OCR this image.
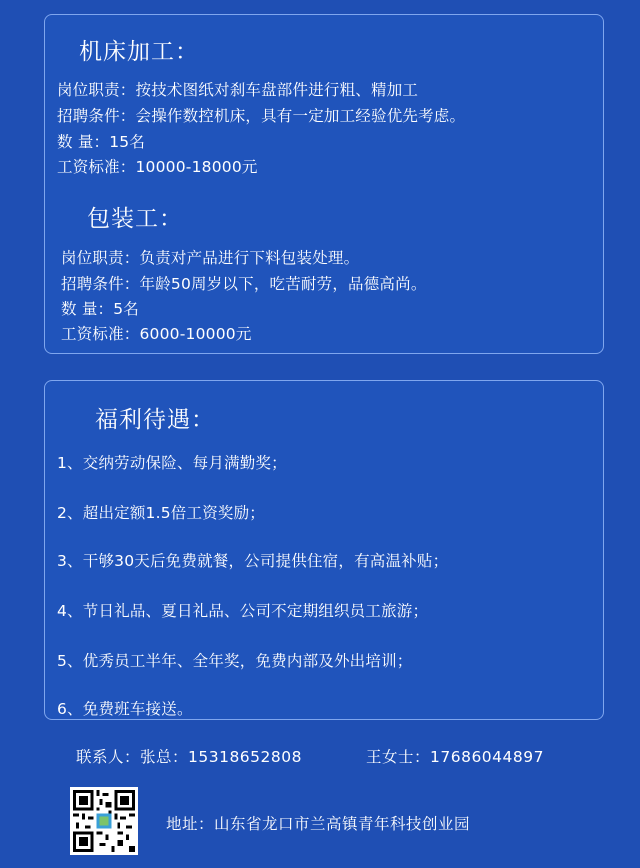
机床加工：
岗位职责：按技术图纸对刹车盘部件进行粗、精加工
招聘条件：会操作数控机床，具有一定加工经验优先考虑。
数 量：15名
工资标准：10000-18000元
包装工：
岗位职责：负责对产品进行下料包装处理。
招聘条件：年龄50周岁以下，吃苦耐劳，品德高尚。
数 量：5名
工资标准：6000-10000元
福利待遇：
1、交纳劳动保险、每月满勤奖；
2、超出定额1.5倍工资奖励；
3、干够30天后免费就餐，公司提供住宿，有高温补贴；
4、节日礼品、夏日礼品、公司不定期组织员工旅游；
5、优秀员工半年、全年奖，免费内部及外出培训；
6、免费班车接送。
联系人：张总：15318652808	王女士：17686044897
地址：山东省龙口市兰高镇青年科技创业园
